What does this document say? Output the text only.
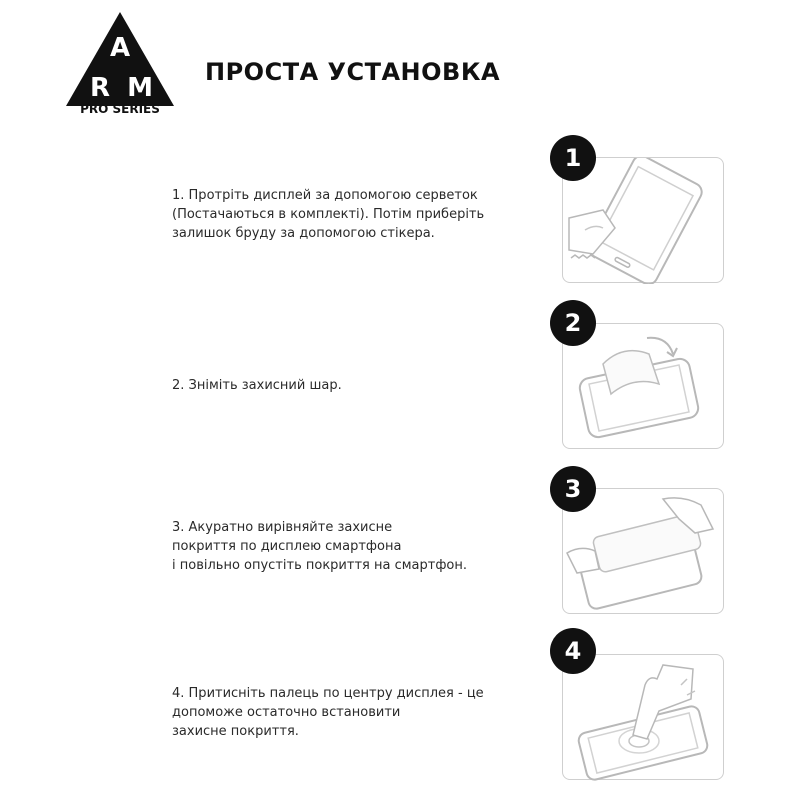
A
R M
PRO SERIES
ПРОСТА УСТАНОВКА
1. Протріть дисплей за допомогою серветок
(Постачаються в комплекті). Потім приберіть
залишок бруду за допомогою стікера.
1
2. Зніміть захисний шар.
2
3. Акуратно вирівняйте захисне
покриття по дисплею смартфона
і повільно опустіть покриття на смартфон.
3
4. Притисніть палець по центру дисплея - це
допоможе остаточно встановити
захисне покриття.
4
